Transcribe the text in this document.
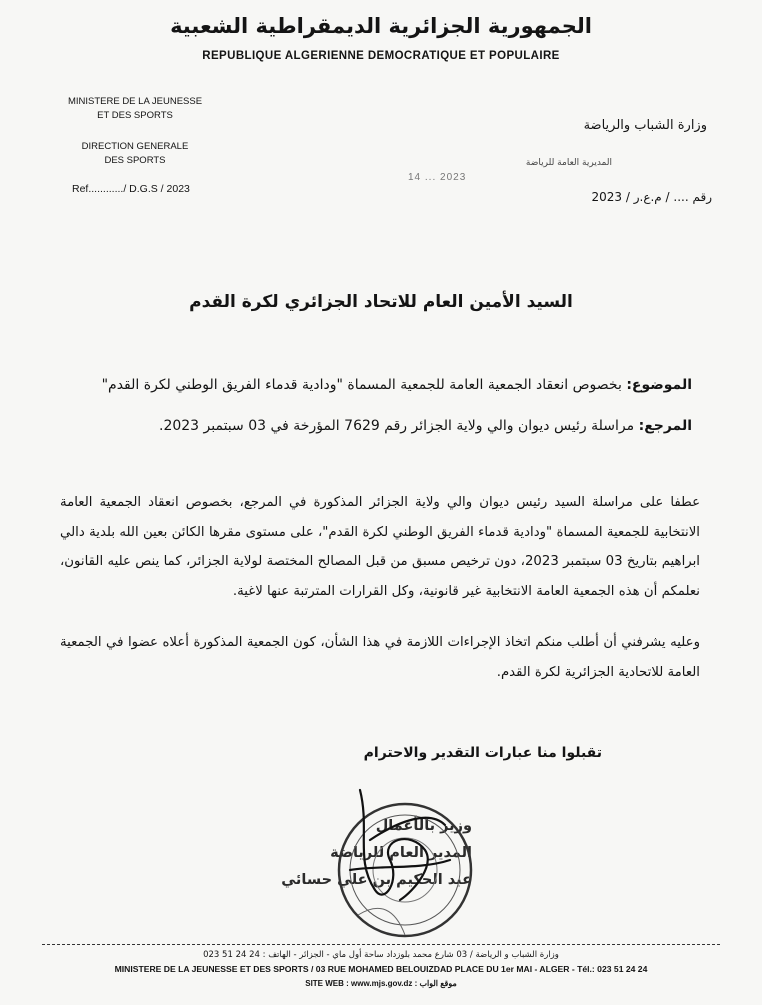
الجمهورية الجزائرية الديمقراطية الشعبية
REPUBLIQUE ALGERIENNE DEMOCRATIQUE ET POPULAIRE
MINISTERE DE LA JEUNESSE
ET DES SPORTS
DIRECTION GENERALE
DES SPORTS
Ref............/ D.G.S / 2023
14 ... 2023
وزارة الشباب والرياضة
المديرية العامة للرياضة
رقم .... / م.ع.ر / 2023
السيد الأمين العام للاتحاد الجزائري لكرة القدم
الموضوع: بخصوص انعقاد الجمعية العامة للجمعية المسماة "ودادية قدماء الفريق الوطني لكرة القدم"
المرجع: مراسلة رئيس ديوان والي ولاية الجزائر رقم 7629 المؤرخة في 03 سبتمبر 2023.
عطفا على مراسلة السيد رئيس ديوان والي ولاية الجزائر المذكورة في المرجع، بخصوص انعقاد الجمعية العامة الانتخابية للجمعية المسماة "ودادية قدماء الفريق الوطني لكرة القدم"، على مستوى مقرها الكائن بعين الله بلدية دالي ابراهيم بتاريخ 03 سبتمبر 2023، دون ترخيص مسبق من قبل المصالح المختصة لولاية الجزائر، كما ينص عليه القانون، نعلمكم أن هذه الجمعية العامة الانتخابية غير قانونية، وكل القرارات المترتبة عنها لاغية.
وعليه يشرفني أن أطلب منكم اتخاذ الإجراءات اللازمة في هذا الشأن، كون الجمعية المذكورة أعلاه عضوا في الجمعية العامة للاتحادية الجزائرية لكرة القدم.
تقبلوا منا عبارات التقدير والاحترام
وزير بالأعمال
المدير العام للرياضة
عبد الحكيم بن علي حسائي
وزارة الشباب و الرياضة / 03 شارع محمد بلوزداد ساحة أول ماي - الجزائر - الهاتف : 24 24 51 023
MINISTERE DE LA JEUNESSE ET DES SPORTS / 03 RUE MOHAMED BELOUIZDAD PLACE DU 1er MAI - ALGER - Tél.: 023 51 24 24
SITE WEB : www.mjs.gov.dz : موقع الواب
